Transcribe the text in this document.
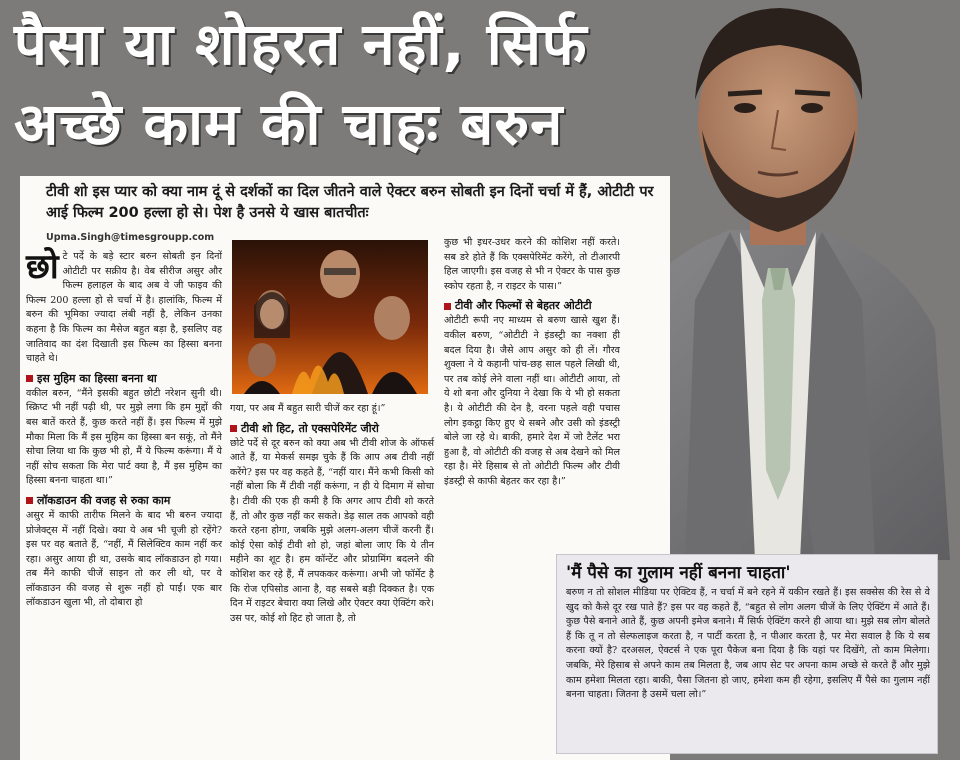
पैसा या शोहरत नहीं, सिर्फ
अच्छे काम की चाहः बरुन

टीवी शो इस प्यार को क्या नाम दूं से दर्शकों का दिल जीतने वाले ऐक्टर बरुन सोबती इन दिनों चर्चा में हैं, ओटीटी पर आई फिल्म 200 हल्ला हो से। पेश है उनसे ये खास बातचीतः

Upma.Singh@timesgroupp.com

छो टे पर्दे के बड़े स्टार बरुन सोबती इन दिनों ओटीटी पर सक्रीय है। वेब सीरीज असुर और फिल्म हलाहल के बाद अब वे जी फाइव की फिल्म 200 हल्ला हो से चर्चा में है। हालांकि, फिल्म में बरुन की भूमिका ज्यादा लंबी नहीं है, लेकिन उनका कहना है कि फिल्म का मैसेज बहुत बड़ा है, इसलिए वह जातिवाद का दंश दिखाती इस फिल्म का हिस्सा बनना चाहते थे।

इस मुहिम का हिस्सा बनना था

वकील बरुन, “मैंने इसकी बहुत छोटी नरेशन सुनी थी। स्क्रिप्ट भी नहीं पढ़ी थी, पर मुझे लगा कि हम मुद्दों की बस बातें करते हैं, कुछ करते नहीं हैं। इस फिल्म में मुझे मौका मिला कि मैं इस मुहिम का हिस्सा बन सकूं, तो मैंने सोचा लिया था कि कुछ भी हो, मैं ये फिल्म करूंगा। मैं ये नहीं सोच सकता कि मेरा पार्ट क्या है, मैं इस मुहिम का हिस्सा बनना चाहता था।”

लॉकडाउन की वजह से रुका काम

असुर में काफी तारीफ मिलने के बाद भी बरुन ज्यादा प्रोजेक्ट्स में नहीं दिखे। क्या ये अब भी चूजी हो रहेंगे? इस पर वह बताते हैं, “नहीं, मैं सिलेक्टिव काम नहीं कर रहा। असुर आया ही था, उसके बाद लॉकडाउन हो गया। तब मैंने काफी चीजें साइन तो कर ली थो, पर वे लॉकडाउन की वजह से शुरू नहीं हो पाईं। एक बार लॉकडाउन खुला भी, तो दोबारा हो

गया, पर अब मैं बहुत सारी चीजें कर रहा हूं।”

टीवी शो हिट, तो एक्सपेरिमेंट जीरो

छोटे पर्दे से दूर बरुन को क्या अब भी टीवी शोज के ऑफर्स आते हैं, या मेकर्स समझ चुके हैं कि आप अब टीवी नहीं करेंगे? इस पर वह कहते हैं, “नहीं यार। मैंने कभी किसी को नहीं बोला कि मैं टीवी नहीं करूंगा, न ही ये दिमाग में सोचा है। टीवी की एक ही कमी है कि अगर आप टीवी शो करते हैं, तो और कुछ नहीं कर सकते। डेढ़ साल तक आपको वही करते रहना होगा, जबकि मुझे अलग-अलग चीजें करनी हैं। कोई ऐसा कोई टीवी शो हो, जहां बोला जाए कि ये तीन महीने का शूट है। हम कॉन्टेंट और प्रोग्रामिंग बदलने की कोशिश कर रहे हैं, मैं लपककर करूंगा। अभी जो फॉर्मेट है कि रोज एपिसोड आना है, वह सबसे बड़ी दिक्कत है। एक दिन में राइटर बेचारा क्या लिखे और ऐक्टर क्या ऐक्टिंग करे। उस पर, कोई शो हिट हो जाता है, तो

कुछ भी इधर-उधर करने की कोशिश नहीं करते। सब डरे होते हैं कि एक्सपेरिमेंट करेंगे, तो टीआरपी हिल जाएगी। इस वजह से भी न ऐक्टर के पास कुछ स्कोप रहता है, न राइटर के पास।”

टीवी और फिल्मों से बेहतर ओटीटी

ओटीटी रूपी नए माध्यम से बरुण खासे खुश हैं। वकील बरुण, “ओटीटी ने इंडस्ट्री का नक्शा ही बदल दिया है। जैसे आप असुर को ही लें। गौरव शुक्ला ने ये कहानी पांच-छह साल पहले लिखी थी, पर तब कोई लेने वाला नहीं था। ओटीटी आया, तो ये शो बना और दुनिया ने देखा कि ये भी हो सकता है। ये ओटीटी की देन है, वरना पहले वही पचास लोग इकट्ठा किए हुए थे सबने और उसी को इंडस्ट्री बोले जा रहे थे। बाकी, हमारे देश में जो टैलेंट भरा हुआ है, वो ओटीटी की वजह से अब देखने को मिल रहा है। मेरे हिसाब से तो ओटीटी फिल्म और टीवी इंडस्ट्री से काफी बेहतर कर रहा है।”

'मैं पैसे का गुलाम नहीं बनना चाहता'

बरुण न तो सोशल मीडिया पर ऐक्टिव हैं, न चर्चा में बने रहने में यकीन रखते हैं। इस सक्सेस की रेस से वे खुद को कैसे दूर रख पाते हैं? इस पर वह कहते हैं, “बहुत से लोग अलग चीजें के लिए ऐक्टिंग में आते हैं। कुछ पैसे बनाने आते हैं, कुछ अपनी इमेज बनाने। मैं सिर्फ ऐक्टिंग करने ही आया था। मुझे सब लोग बोलते हैं कि तू न तो सेल्फलाइज करता है, न पार्टी करता है, न पीआर करता है, पर मेरा सवाल है कि ये सब करना क्यों है? दरअसल, ऐक्टर्स ने एक पूरा पैकेज बना दिया है कि यहां पर दिखेंगे, तो काम मिलेगा। जबकि, मेरे हिसाब से अपने काम तब मिलता है, जब आप सेट पर अपना काम अच्छे से करते हैं और मुझे काम हमेशा मिलता रहा। बाकी, पैसा जितना हो जाए, हमेशा कम ही रहेगा, इसलिए मैं पैसे का गुलाम नहीं बनना चाहता। जितना है उसमें चला लो।”
